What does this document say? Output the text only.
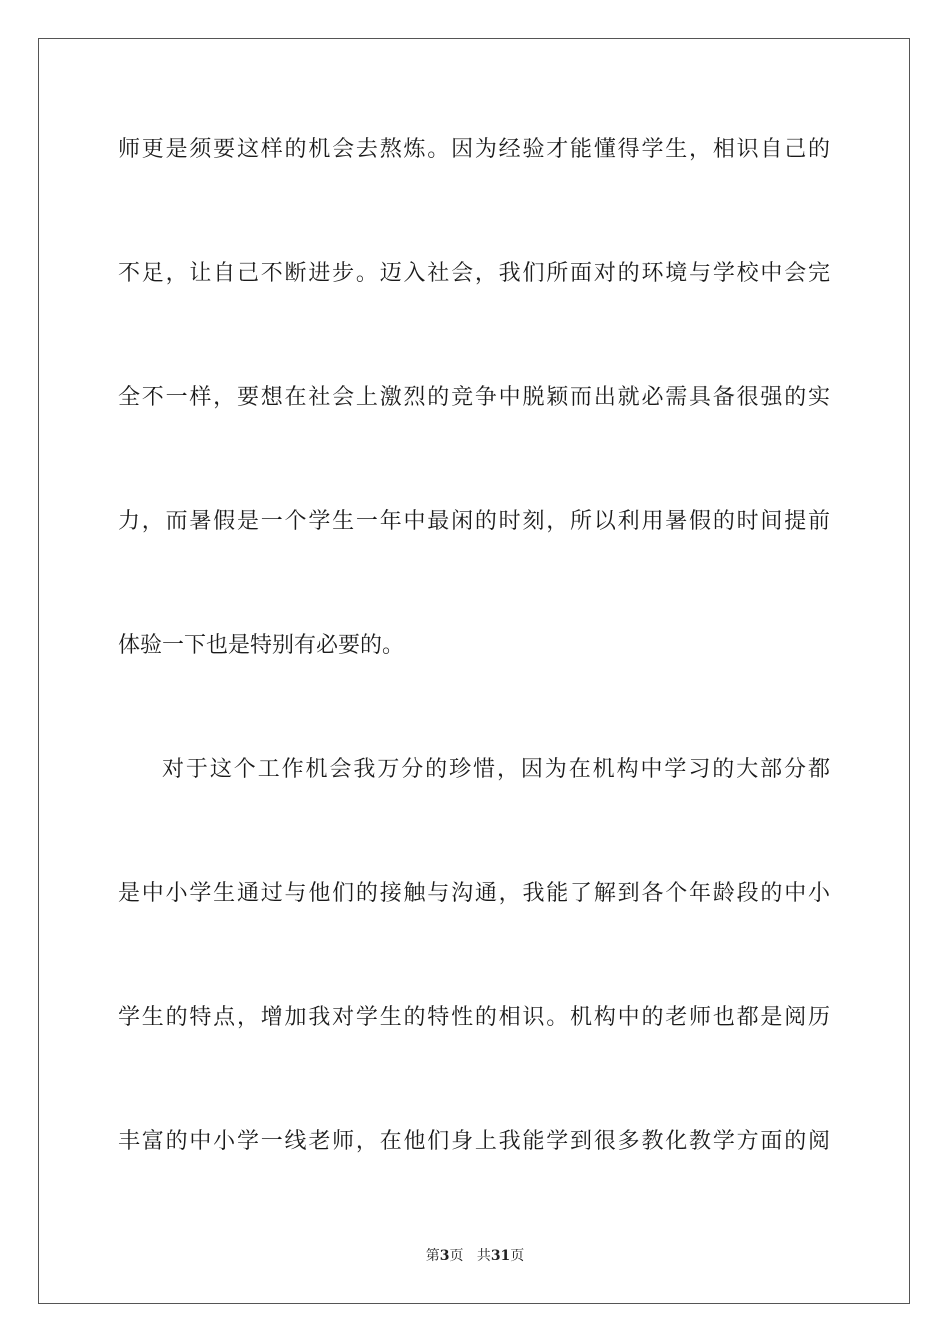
师更是须要这样的机会去熬炼。因为经验才能懂得学生，相识自己的
不足，让自己不断进步。迈入社会，我们所面对的环境与学校中会完
全不一样，要想在社会上激烈的竞争中脱颖而出就必需具备很强的实
力，而暑假是一个学生一年中最闲的时刻，所以利用暑假的时间提前
体验一下也是特别有必要的。
对于这个工作机会我万分的珍惜，因为在机构中学习的大部分都
是中小学生通过与他们的接触与沟通，我能了解到各个年龄段的中小
学生的特点，增加我对学生的特性的相识。机构中的老师也都是阅历
丰富的中小学一线老师，在他们身上我能学到很多教化教学方面的阅
第3页 共31页
